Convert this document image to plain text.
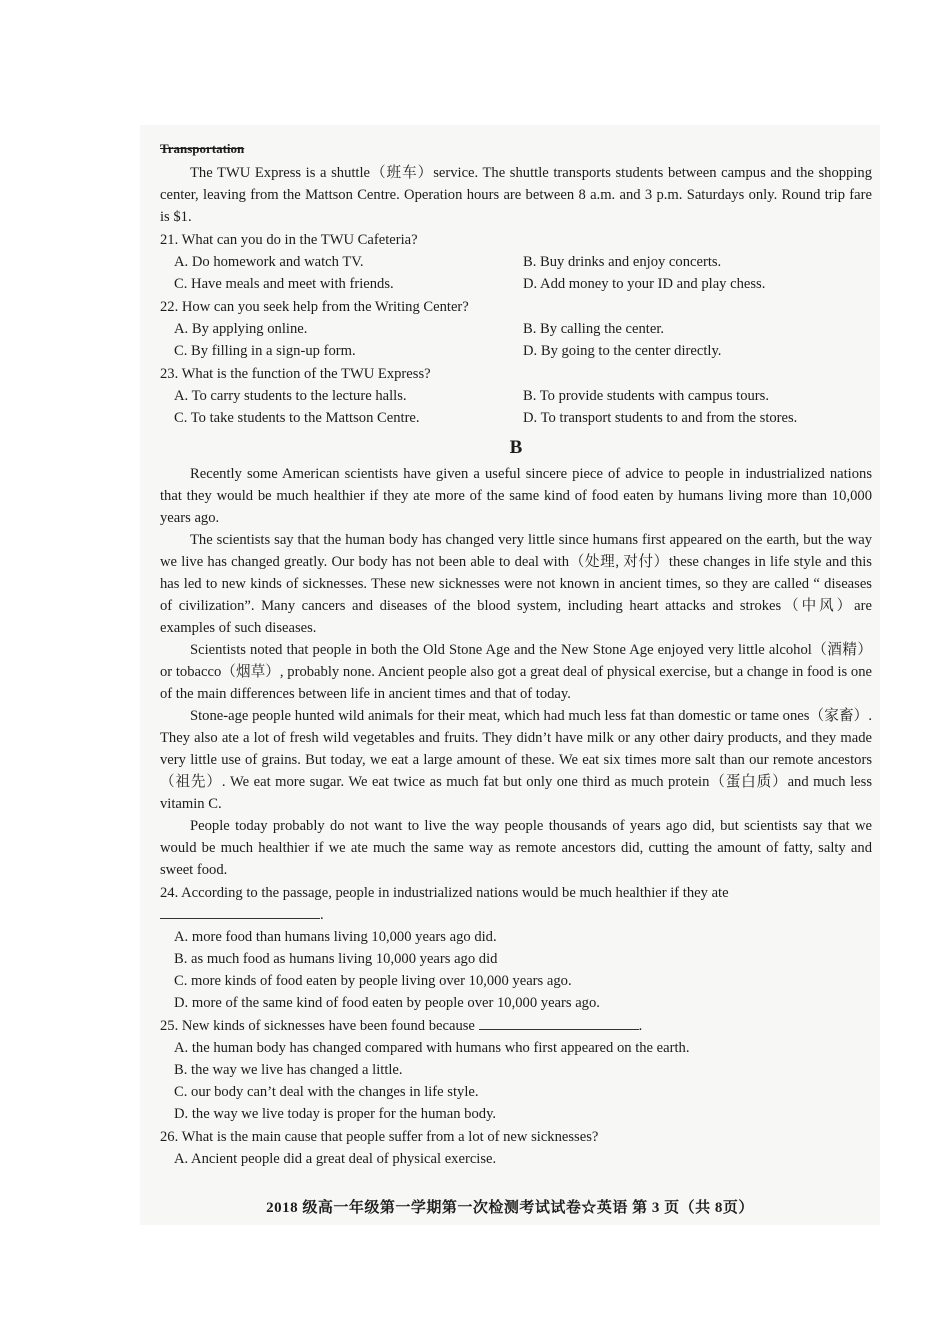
Transportation

The TWU Express is a shuttle（班车）service. The shuttle transports students between campus and the shopping center, leaving from the Mattson Centre. Operation hours are between 8 a.m. and 3 p.m. Saturdays only. Round trip fare is $1.

21. What can you do in the TWU Cafeteria?

A. Do homework and watch TV.	B. Buy drinks and enjoy concerts.
C. Have meals and meet with friends.	D. Add money to your ID and play chess.

22. How can you seek help from the Writing Center?

A. By applying online.	B. By calling the center.
C. By filling in a sign-up form.	D. By going to the center directly.

23. What is the function of the TWU Express?

A. To carry students to the lecture halls.	B. To provide students with campus tours.
C. To take students to the Mattson Centre.	D. To transport students to and from the stores.
B

Recently some American scientists have given a useful sincere piece of advice to people in industrialized nations that they would be much healthier if they ate more of the same kind of food eaten by humans living more than 10,000 years ago.

The scientists say that the human body has changed very little since humans first appeared on the earth, but the way we live has changed greatly. Our body has not been able to deal with（处理, 对付）these changes in life style and this has led to new kinds of sicknesses. These new sicknesses were not known in ancient times, so they are called “ diseases of civilization”. Many cancers and diseases of the blood system, including heart attacks and strokes（中风）are examples of such diseases.

Scientists noted that people in both the Old Stone Age and the New Stone Age enjoyed very little alcohol（酒精）or tobacco（烟草）, probably none. Ancient people also got a great deal of physical exercise, but a change in food is one of the main differences between life in ancient times and that of today.

Stone-age people hunted wild animals for their meat, which had much less fat than domestic or tame ones（家畜）. They also ate a lot of fresh wild vegetables and fruits. They didn’t have milk or any other dairy products, and they made very little use of grains. But today, we eat a large amount of these. We eat six times more salt than our remote ancestors（祖先）. We eat more sugar. We eat twice as much fat but only one third as much protein（蛋白质）and much less vitamin C.

People today probably do not want to live the way people thousands of years ago did, but scientists say that we would be much healthier if we ate much the same way as remote ancestors did, cutting the amount of fatty, salty and sweet food.

24. According to the passage, people in industrialized nations would be much healthier if they ate .

A. more food than humans living 10,000 years ago did.
B. as much food as humans living 10,000 years ago did
C. more kinds of food eaten by people living over 10,000 years ago.
D. more of the same kind of food eaten by people over 10,000 years ago.

25. New kinds of sicknesses have been found because	.

A. the human body has changed compared with humans who first appeared on the earth.
B. the way we live has changed a little.
C. our body can’t deal with the changes in life style.
D. the way we live today is proper for the human body.

26. What is the main cause that people suffer from a lot of new sicknesses?

A. Ancient people did a great deal of physical exercise.
2018 级高一年级第一学期第一次检测考试试卷☆英语 第 3 页（共 8页）
